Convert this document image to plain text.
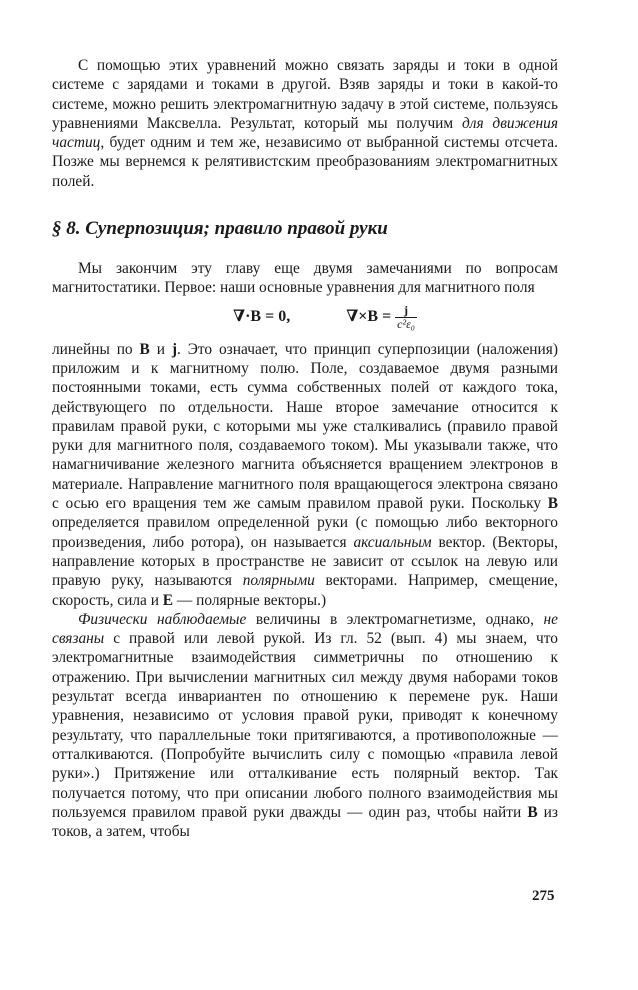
С помощью этих уравнений можно связать заряды и токи в одной системе с зарядами и токами в другой. Взяв заряды и токи в какой-то системе, можно решить электромагнитную задачу в этой системе, пользуясь уравнениями Максвелла. Результат, который мы получим для движения частиц, будет одним и тем же, независимо от выбранной системы отсчета. Позже мы вернемся к релятивистским преобразованиям электромагнитных полей.

§ 8. Суперпозиция; правило правой руки

Мы закончим эту главу еще двумя замечаниями по вопросам магнитостатики. Первое: наши основные уравнения для магнитного поля

∇·B = 0,	$\nabla\times B = \frac{j}{\text{c²ε₀}}$

линейны по B и j. Это означает, что принцип суперпозиции (наложения) приложим и к магнитному полю. Поле, создаваемое двумя разными постоянными токами, есть сумма собственных полей от каждого тока, действующего по отдельности. Наше второе замечание относится к правилам правой руки, с которыми мы уже сталкивались (правило правой руки для магнитного поля, создаваемого током). Мы указывали также, что намагничивание железного магнита объясняется вращением электронов в материале. Направление магнитного поля вращающегося электрона связано с осью его вращения тем же самым правилом правой руки. Поскольку B определяется правилом определенной руки (с помощью либо векторного произведения, либо ротора), он называется аксиальным вектор. (Векторы, направление которых в пространстве не зависит от ссылок на левую или правую руку, называются полярными векторами. Например, смещение, скорость, сила и E — полярные векторы.)

Физически наблюдаемые величины в электромагнетизме, однако, не связаны с правой или левой рукой. Из гл. 52 (вып. 4) мы знаем, что электромагнитные взаимодействия симметричны по отношению к отражению. При вычислении магнитных сил между двумя наборами токов результат всегда инвариантен по отношению к перемене рук. Наши уравнения, независимо от условия правой руки, приводят к конечному результату, что параллельные токи притягиваются, а противоположные — отталкиваются. (Попробуйте вычислить силу с помощью «правила левой руки».) Притяжение или отталкивание есть полярный вектор. Так получается потому, что при описании любого полного взаимодействия мы пользуемся правилом правой руки дважды — один раз, чтобы найти B из токов, а затем, чтобы

275
